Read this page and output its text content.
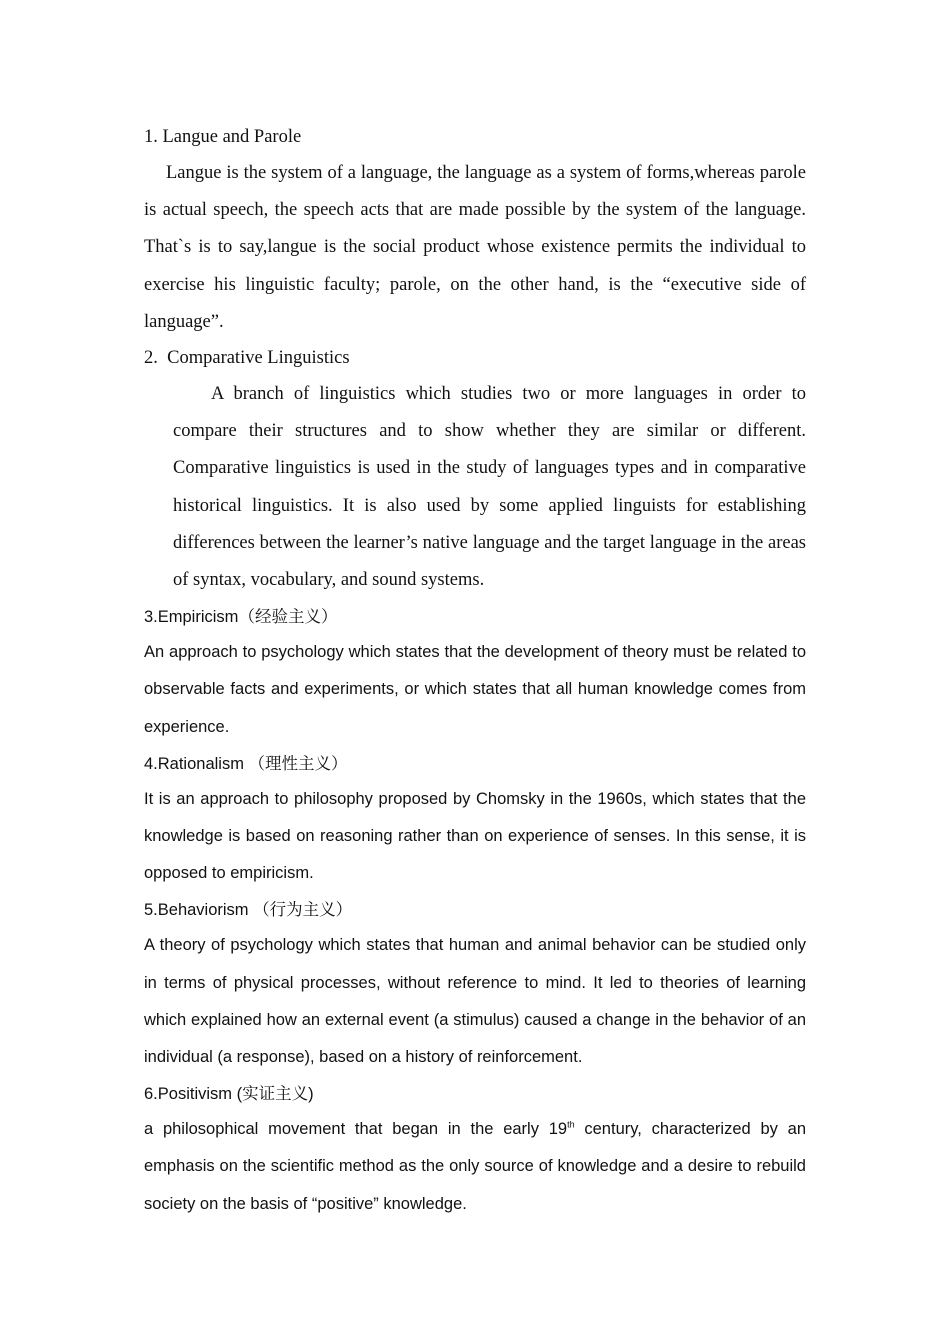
1. Langue and Parole

Langue is the system of a language, the language as a system of forms,whereas parole is actual speech, the speech acts that are made possible by the system of the language. That`s is to say,langue is the social product whose existence permits the individual to exercise his linguistic faculty; parole, on the other hand, is the “executive side of language”.

2.  Comparative Linguistics

A branch of linguistics which studies two or more languages in order to compare their structures and to show whether they are similar or different. Comparative linguistics is used in the study of languages types and in comparative historical linguistics. It is also used by some applied linguists for establishing differences between the learner’s native language and the target language in the areas of syntax, vocabulary, and sound systems.

3.Empiricism（经验主义）

An approach to psychology which states that the development of theory must be related to observable facts and experiments, or which states that all human knowledge comes from experience.

4.Rationalism （理性主义）

It is an approach to philosophy proposed by Chomsky in the 1960s, which states that the knowledge is based on reasoning rather than on experience of senses. In this sense, it is opposed to empiricism.

5.Behaviorism （行为主义）

A theory of psychology which states that human and animal behavior can be studied only in terms of physical processes, without reference to mind. It led to theories of learning which explained how an external event (a stimulus) caused a change in the behavior of an individual (a response), based on a history of reinforcement.

6.Positivism (实证主义)

a philosophical movement that began in the early 19th century, characterized by an emphasis on the scientific method as the only source of knowledge and a desire to rebuild society on the basis of “positive” knowledge.
